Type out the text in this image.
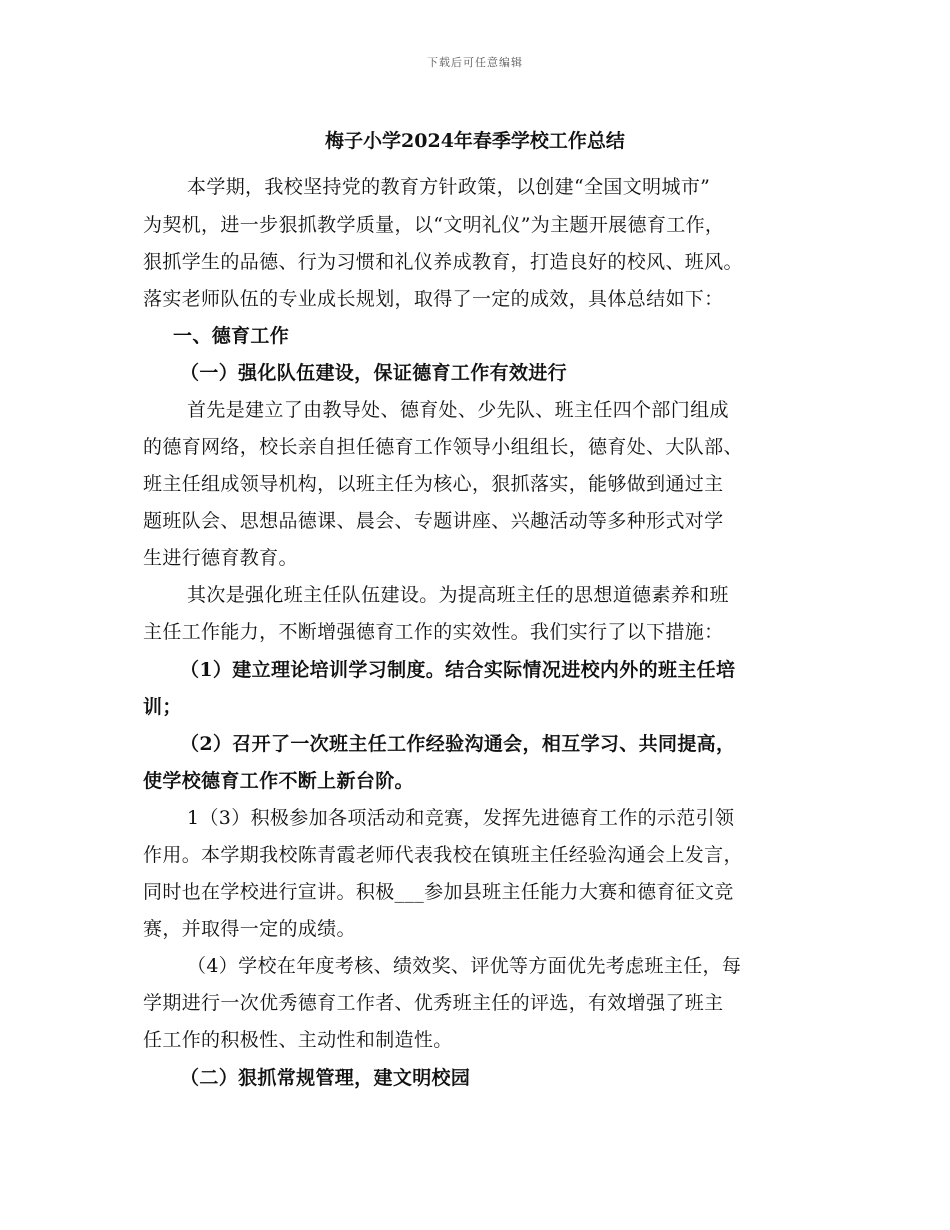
下载后可任意编辑
梅子小学2024年春季学校工作总结
本学期，我校坚持党的教育方针政策，以创建“全国文明城市”
为契机，进一步狠抓教学质量，以“文明礼仪”为主题开展德育工作，
狠抓学生的品德、行为习惯和礼仪养成教育，打造良好的校风、班风。
落实老师队伍的专业成长规划，取得了一定的成效，具体总结如下：
一、德育工作
（一）强化队伍建设，保证德育工作有效进行
首先是建立了由教导处、德育处、少先队、班主任四个部门组成
的德育网络，校长亲自担任德育工作领导小组组长，德育处、大队部、
班主任组成领导机构，以班主任为核心，狠抓落实，能够做到通过主
题班队会、思想品德课、晨会、专题讲座、兴趣活动等多种形式对学
生进行德育教育。
其次是强化班主任队伍建设。为提高班主任的思想道德素养和班
主任工作能力，不断增强德育工作的实效性。我们实行了以下措施：
（1）建立理论培训学习制度。结合实际情况进校内外的班主任培
训；
（2）召开了一次班主任工作经验沟通会，相互学习、共同提高，
使学校德育工作不断上新台阶。
1（3）积极参加各项活动和竞赛，发挥先进德育工作的示范引领
作用。本学期我校陈青霞老师代表我校在镇班主任经验沟通会上发言，
同时也在学校进行宣讲。积极___参加县班主任能力大赛和德育征文竞
赛，并取得一定的成绩。
（4）学校在年度考核、绩效奖、评优等方面优先考虑班主任，每
学期进行一次优秀德育工作者、优秀班主任的评选，有效增强了班主
任工作的积极性、主动性和制造性。
（二）狠抓常规管理，建文明校园
